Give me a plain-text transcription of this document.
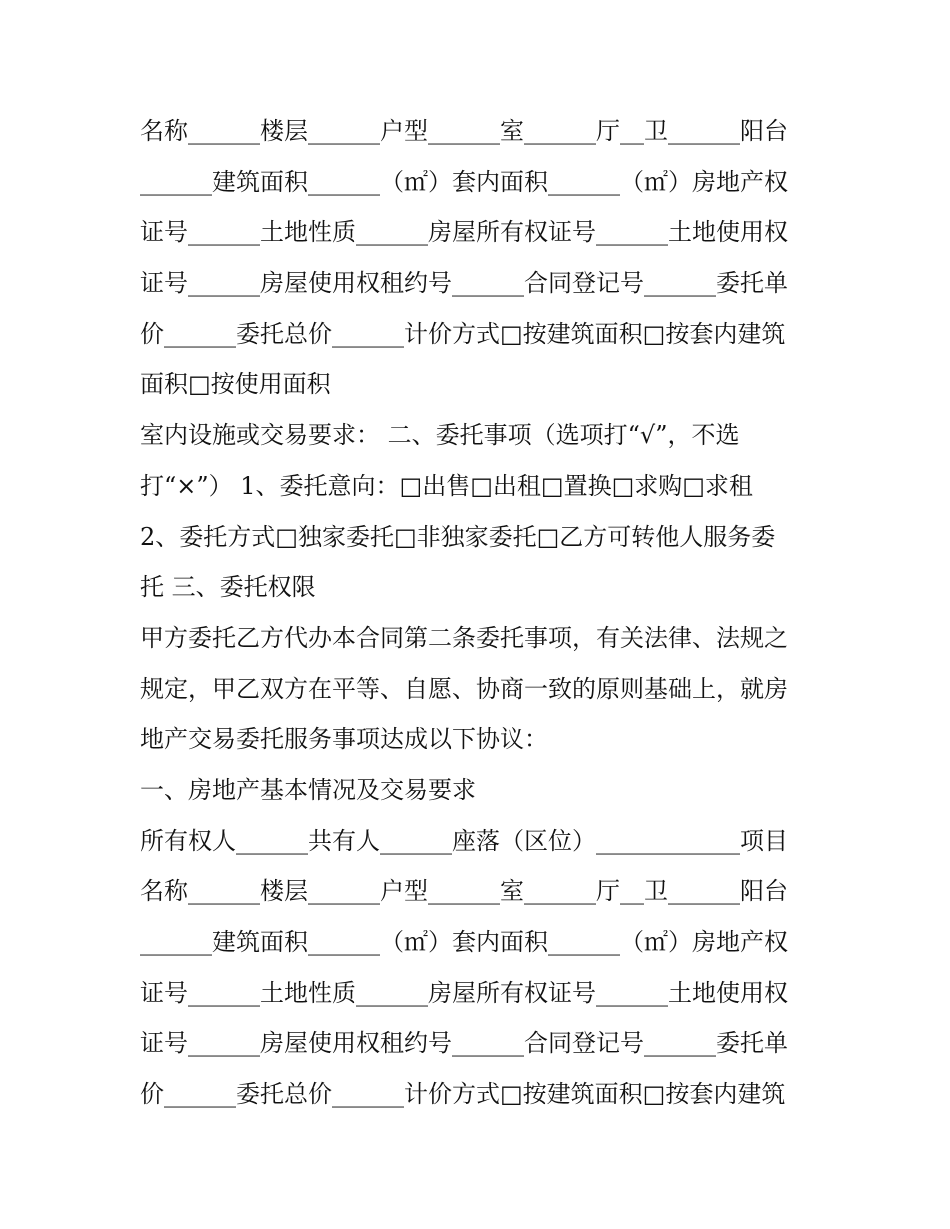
名称______楼层______户型______室______厅__卫______阳台
______建筑面积______（㎡）套内面积______（㎡）房地产权
证号______土地性质______房屋所有权证号______土地使用权
证号______房屋使用权租约号______合同登记号______委托单
价______委托总价______计价方式□按建筑面积□按套内建筑
面积□按使用面积
室内设施或交易要求： 二、委托事项（选项打“√”，不选
打“×”） 1、委托意向：□出售□出租□置换□求购□求租
2、委托方式□独家委托□非独家委托□乙方可转他人服务委
托 三、委托权限
甲方委托乙方代办本合同第二条委托事项，有关法律、法规之
规定，甲乙双方在平等、自愿、协商一致的原则基础上，就房
地产交易委托服务事项达成以下协议：
一、房地产基本情况及交易要求
所有权人______共有人______座落（区位）____________项目
名称______楼层______户型______室______厅__卫______阳台
______建筑面积______（㎡）套内面积______（㎡）房地产权
证号______土地性质______房屋所有权证号______土地使用权
证号______房屋使用权租约号______合同登记号______委托单
价______委托总价______计价方式□按建筑面积□按套内建筑
